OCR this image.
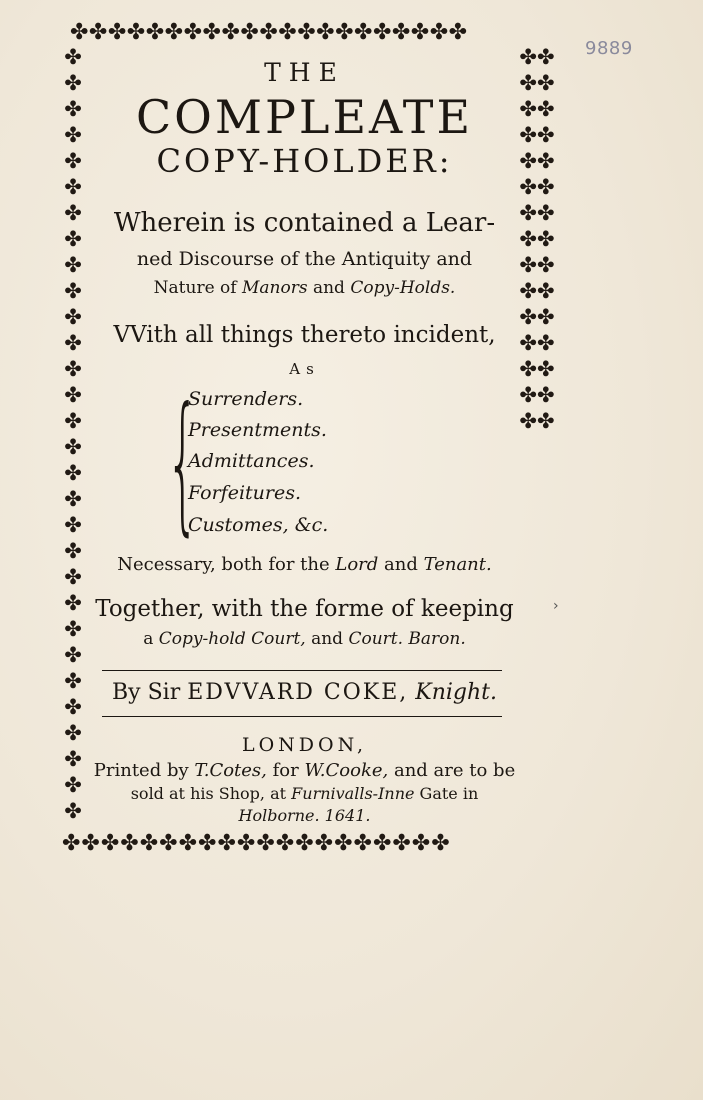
9889
›
✤✤✤✤✤✤✤✤✤✤✤✤✤✤✤✤✤✤✤✤✤
✤✤✤✤✤✤✤✤✤✤✤✤✤✤✤✤✤✤✤✤
✤✤✤✤✤✤✤✤✤✤✤✤✤✤✤✤✤✤✤✤✤✤✤✤✤✤✤✤✤✤
✤✤✤✤✤✤✤✤✤✤✤✤✤✤✤✤✤✤✤✤✤✤✤✤✤✤✤✤✤✤
THE
COMPLEATE
COPY-HOLDER:
Wherein is contained a Lear-
ned Discourse of the Antiquity and
Nature of Manors and Copy-Holds.
VVith all things thereto incident,
As
{
Surrenders.
Presentments.
Admittances.
Forfeitures.
Customes, &c.
Necessary, both for the Lord and Tenant.
Together, with the forme of keeping
a Copy-hold Court, and Court. Baron.
By Sir EDVVARD COKE, Knight.
LONDON,
Printed by T.Cotes, for W.Cooke, and are to be
sold at his Shop, at Furnivalls-Inne Gate in
Holborne. 1641.
